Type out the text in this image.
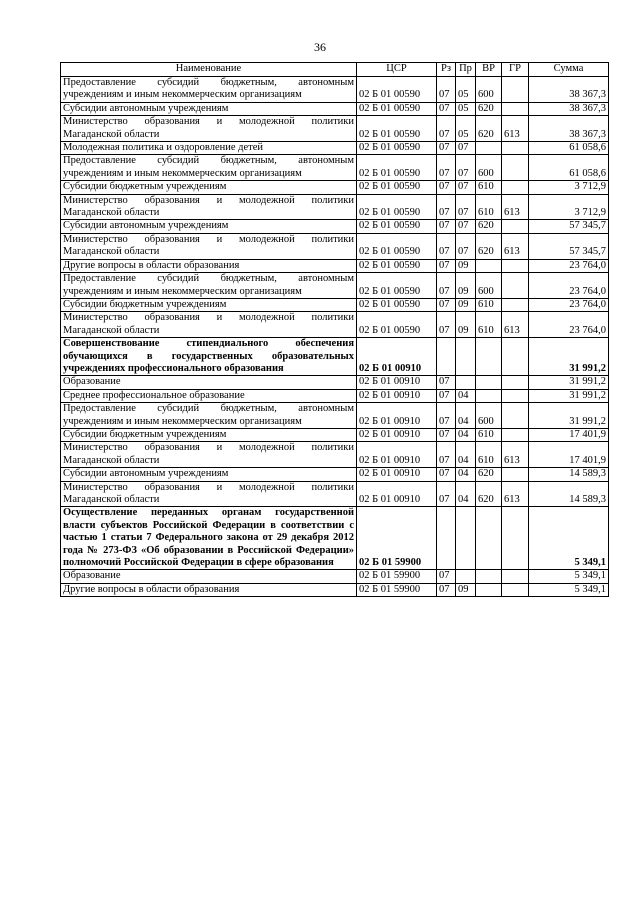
36
Наименование	ЦСР	Рз	Пр	ВР	ГР	Сумма
Предоставление субсидий бюджетным, автономным учреждениям и иным некоммерческим организациям	02 Б 01 00590	07	05	600		38 367,3
Субсидии автономным учреждениям	02 Б 01 00590	07	05	620		38 367,3
Министерство образования и молодежной политики Магаданской области	02 Б 01 00590	07	05	620	613	38 367,3
Молодежная политика и оздоровление детей	02 Б 01 00590	07	07			61 058,6
Предоставление субсидий бюджетным, автономным учреждениям и иным некоммерческим организациям	02 Б 01 00590	07	07	600		61 058,6
Субсидии бюджетным учреждениям	02 Б 01 00590	07	07	610		3 712,9
Министерство образования и молодежной политики Магаданской области	02 Б 01 00590	07	07	610	613	3 712,9
Субсидии автономным учреждениям	02 Б 01 00590	07	07	620		57 345,7
Министерство образования и молодежной политики Магаданской области	02 Б 01 00590	07	07	620	613	57 345,7
Другие вопросы в области образования	02 Б 01 00590	07	09			23 764,0
Предоставление субсидий бюджетным, автономным учреждениям и иным некоммерческим организациям	02 Б 01 00590	07	09	600		23 764,0
Субсидии бюджетным учреждениям	02 Б 01 00590	07	09	610		23 764,0
Министерство образования и молодежной политики Магаданской области	02 Б 01 00590	07	09	610	613	23 764,0
Совершенствование стипендиального обеспечения обучающихся в государственных образовательных учреждениях профессионального образования	02 Б 01 00910					31 991,2
Образование	02 Б 01 00910	07				31 991,2
Среднее профессиональное образование	02 Б 01 00910	07	04			31 991,2
Предоставление субсидий бюджетным, автономным учреждениям и иным некоммерческим организациям	02 Б 01 00910	07	04	600		31 991,2
Субсидии бюджетным учреждениям	02 Б 01 00910	07	04	610		17 401,9
Министерство образования и молодежной политики Магаданской области	02 Б 01 00910	07	04	610	613	17 401,9
Субсидии автономным учреждениям	02 Б 01 00910	07	04	620		14 589,3
Министерство образования и молодежной политики Магаданской области	02 Б 01 00910	07	04	620	613	14 589,3
Осуществление переданных органам государственной власти субъектов Российской Федерации в соответствии с частью 1 статьи 7 Федерального закона от 29 декабря 2012 года № 273-ФЗ «Об образовании в Российской Федерации» полномочий Российской Федерации в сфере образования	02 Б 01 59900					5 349,1
Образование	02 Б 01 59900	07				5 349,1
Другие вопросы в области образования	02 Б 01 59900	07	09			5 349,1
